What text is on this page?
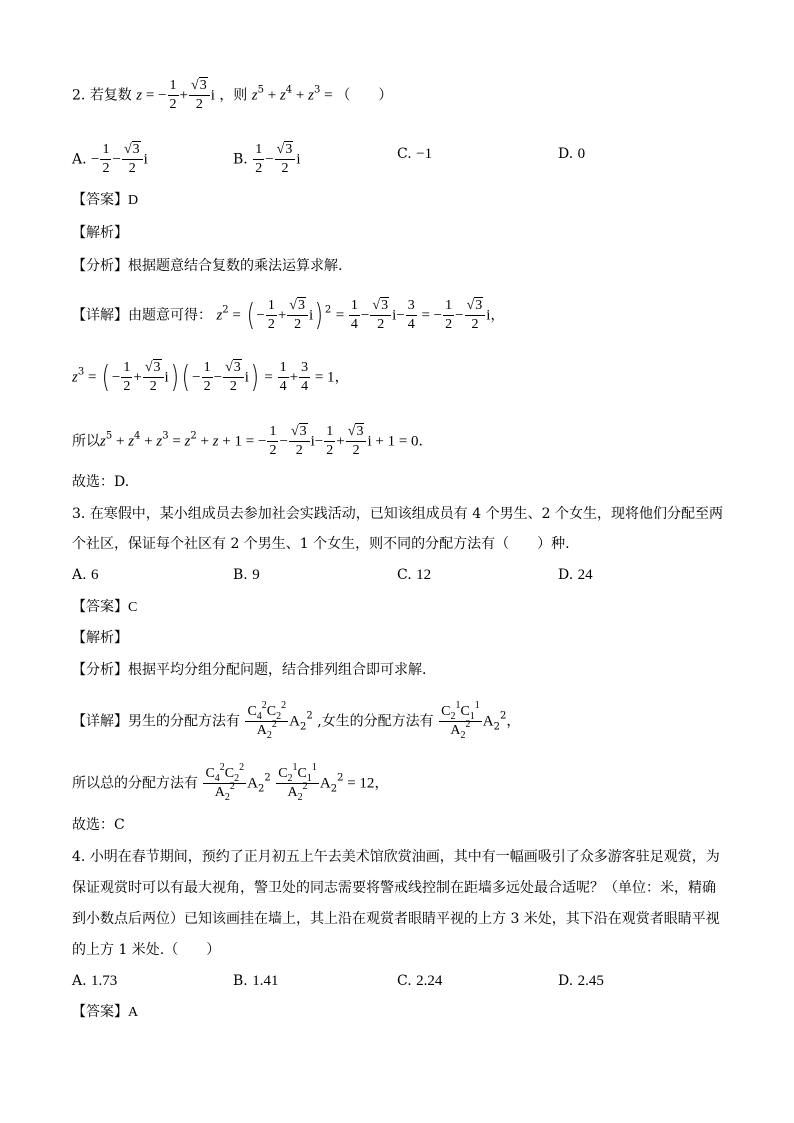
2. 若复数 z = − $\frac{1}{2} + \frac{√3}{2}$ i ，则 $z^5 + z^4 + z^3$ = （　　）
A. − $\frac{1}{2} - \frac{√3}{2}$ i	B. $\frac{1}{2} - \frac{√3}{2}$ i	C. −1	D. 0
【答案】D
【解析】
【分析】根据题意结合复数的乘法运算求解.
【详解】由题意可得： $z^2$ = ( − $\frac{1}{2} + \frac{√3}{2} i$) $^2 = \frac{1}{4} - \frac{√3}{2} i- \frac{3}{4}$ = − $\frac{1}{2} - \frac{√3}{2}$ i，
$z^3$ = ( − $\frac{1}{2} + \frac{√3}{2} i$) ( − $\frac{1}{2} - \frac{√3}{2} i) = \frac{1}{4} + \frac{3}{4} = 1$，
所以$z^5 + z^4 + z^3 = z^2 + z + 1$ = − $\frac{1}{2} - \frac{√3}{2} i- \frac{1}{2} + \frac{√3}{2}$ i + 1 = 0.
故选：D.
3. 在寒假中，某小组成员去参加社会实践活动，已知该组成员有 4 个男生、2 个女生，现将他们分配至两
个社区，保证每个社区有 2 个男生、1 个女生，则不同的分配方法有（　　）种.
A. 6	B. 9	C. 12	D. 24
【答案】C
【解析】
【分析】根据平均分组分配问题，结合排列组合即可求解.
【详解】男生的分配方法有 $\frac{C_4^2C_2^2}{A_2^2} A_2^2$ ,女生的分配方法有 $\frac{C_2^1C_1^1}{A_2^2} A_2^2$，
所以总的分配方法有 $\frac{C_4^2C_2^2}{A_2^2} A_2^2 \frac{C_2^1C_1^1}{A_2^2} A_2^2 = 12$，
故选：C
4. 小明在春节期间，预约了正月初五上午去美术馆欣赏油画，其中有一幅画吸引了众多游客驻足观赏，为
保证观赏时可以有最大视角，警卫处的同志需要将警戒线控制在距墙多远处最合适呢？（单位：米，精确
到小数点后两位）已知该画挂在墙上，其上沿在观赏者眼睛平视的上方 3 米处，其下沿在观赏者眼睛平视
的上方 1 米处.（　　）
A. 1.73	B. 1.41	C. 2.24	D. 2.45
【答案】A
